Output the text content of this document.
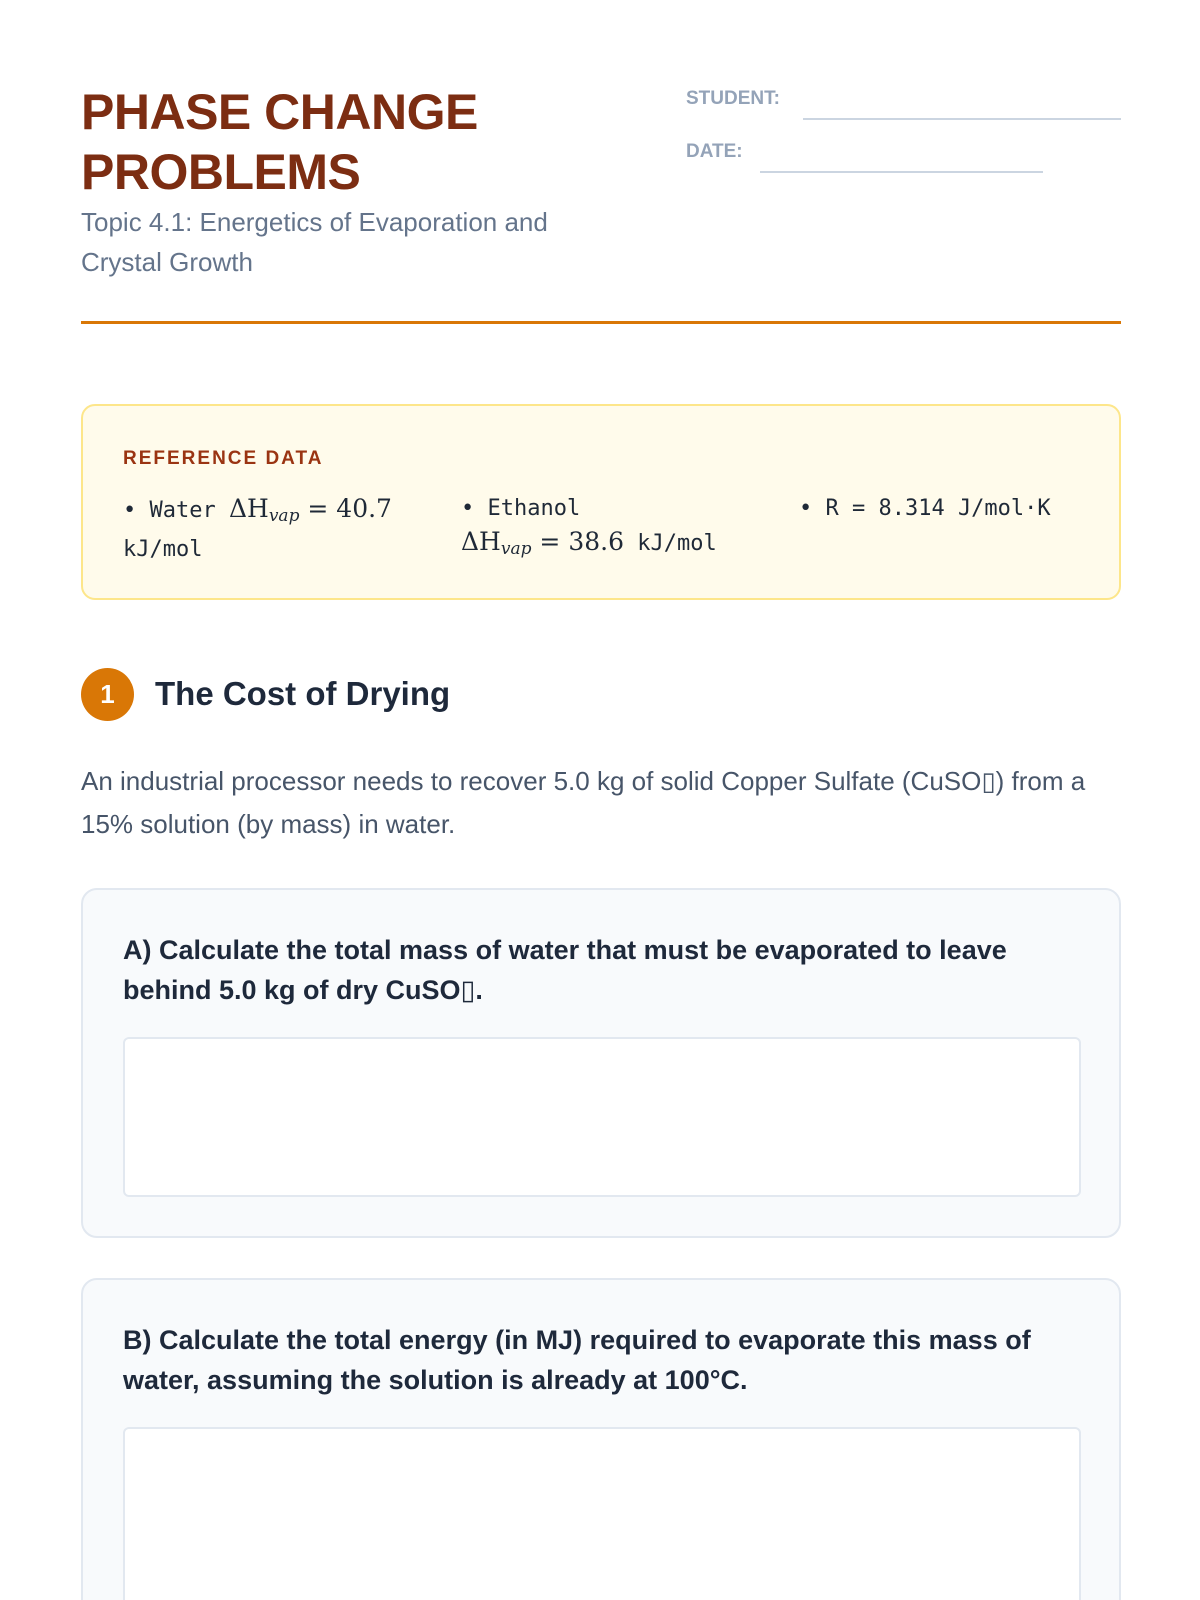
PHASE CHANGE
PROBLEMS
Topic 4.1: Energetics of Evaporation and Crystal Growth
STUDENT:
DATE:
REFERENCE DATA
• Water $\Delta H_{vap} = 40.7$
kJ/mol
• Ethanol
$\Delta H_{vap} = 38.6$ kJ/mol
• R = 8.314 J/mol·K
1	The Cost of Drying
An industrial processor needs to recover 5.0 kg of solid Copper Sulfate (CuSO▯) from a 15% solution (by mass) in water.
A) Calculate the total mass of water that must be evaporated to leave behind 5.0 kg of dry CuSO▯.
B) Calculate the total energy (in MJ) required to evaporate this mass of water, assuming the solution is already at 100°C.
